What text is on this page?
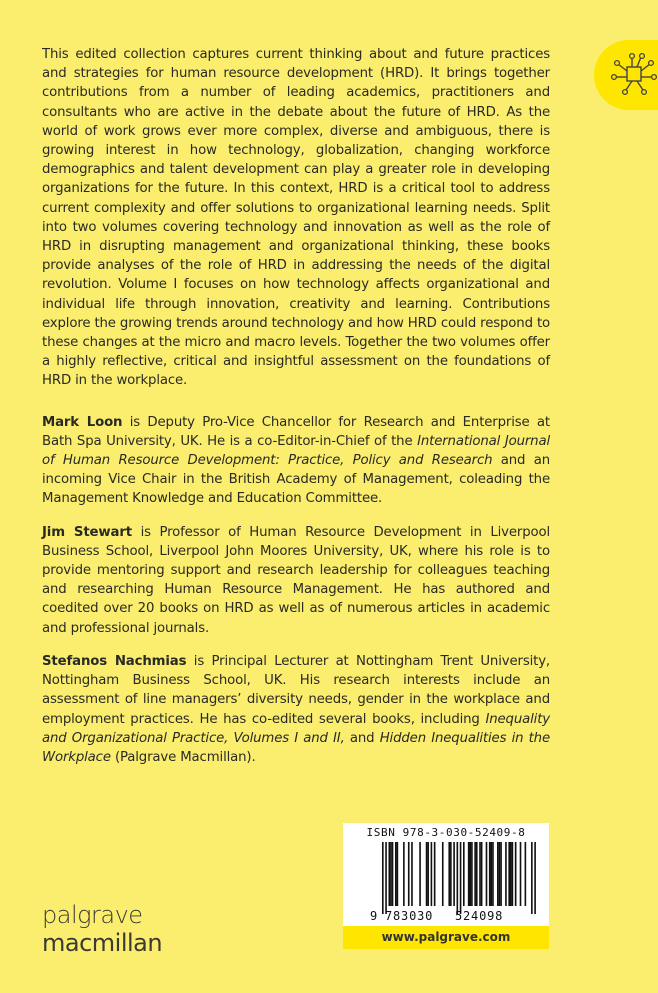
This edited collection captures current thinking about and future practices and strategies for human resource development (HRD). It brings together contributions from a number of leading academics, practitioners and consultants who are active in the debate about the future of HRD. As the world of work grows ever more complex, diverse and ambiguous, there is growing interest in how technology, globalization, changing workforce demographics and talent development can play a greater role in developing organizations for the future. In this context, HRD is a critical tool to address current complexity and offer solutions to organizational learning needs. Split into two volumes covering technology and innovation as well as the role of HRD in disrupting management and organizational thinking, these books provide analyses of the role of HRD in addressing the needs of the digital revolution. Volume I focuses on how technology affects organizational and individual life through innovation, creativity and learning. Contributions explore the growing trends around technology and how HRD could respond to these changes at the micro and macro levels. Together the two volumes offer a highly reflective, critical and insightful assessment on the foundations of HRD in the workplace.

Mark Loon is Deputy Pro-Vice Chancellor for Research and Enterprise at Bath Spa University, UK. He is a co-Editor-in-Chief of the International Journal of Human Resource Development: Practice, Policy and Research and an incoming Vice Chair in the British Academy of Management, coleading the Management Knowledge and Education Committee.

Jim Stewart is Professor of Human Resource Development in Liverpool Business School, Liverpool John Moores University, UK, where his role is to provide mentoring support and research leadership for colleagues teaching and researching Human Resource Management. He has authored and coedited over 20 books on HRD as well as of numerous articles in academic and professional journals.

Stefanos Nachmias is Principal Lecturer at Nottingham Trent University, Nottingham Business School, UK. His research interests include an assessment of line managers’ diversity needs, gender in the workplace and employment practices. He has co-edited several books, including Inequality and Organizational Practice, Volumes I and II, and Hidden Inequalities in the Workplace (Palgrave Macmillan).

palgrave
macmillan
ISBN 978-3-030-52409-8
9 783030 524098
www.palgrave.com
